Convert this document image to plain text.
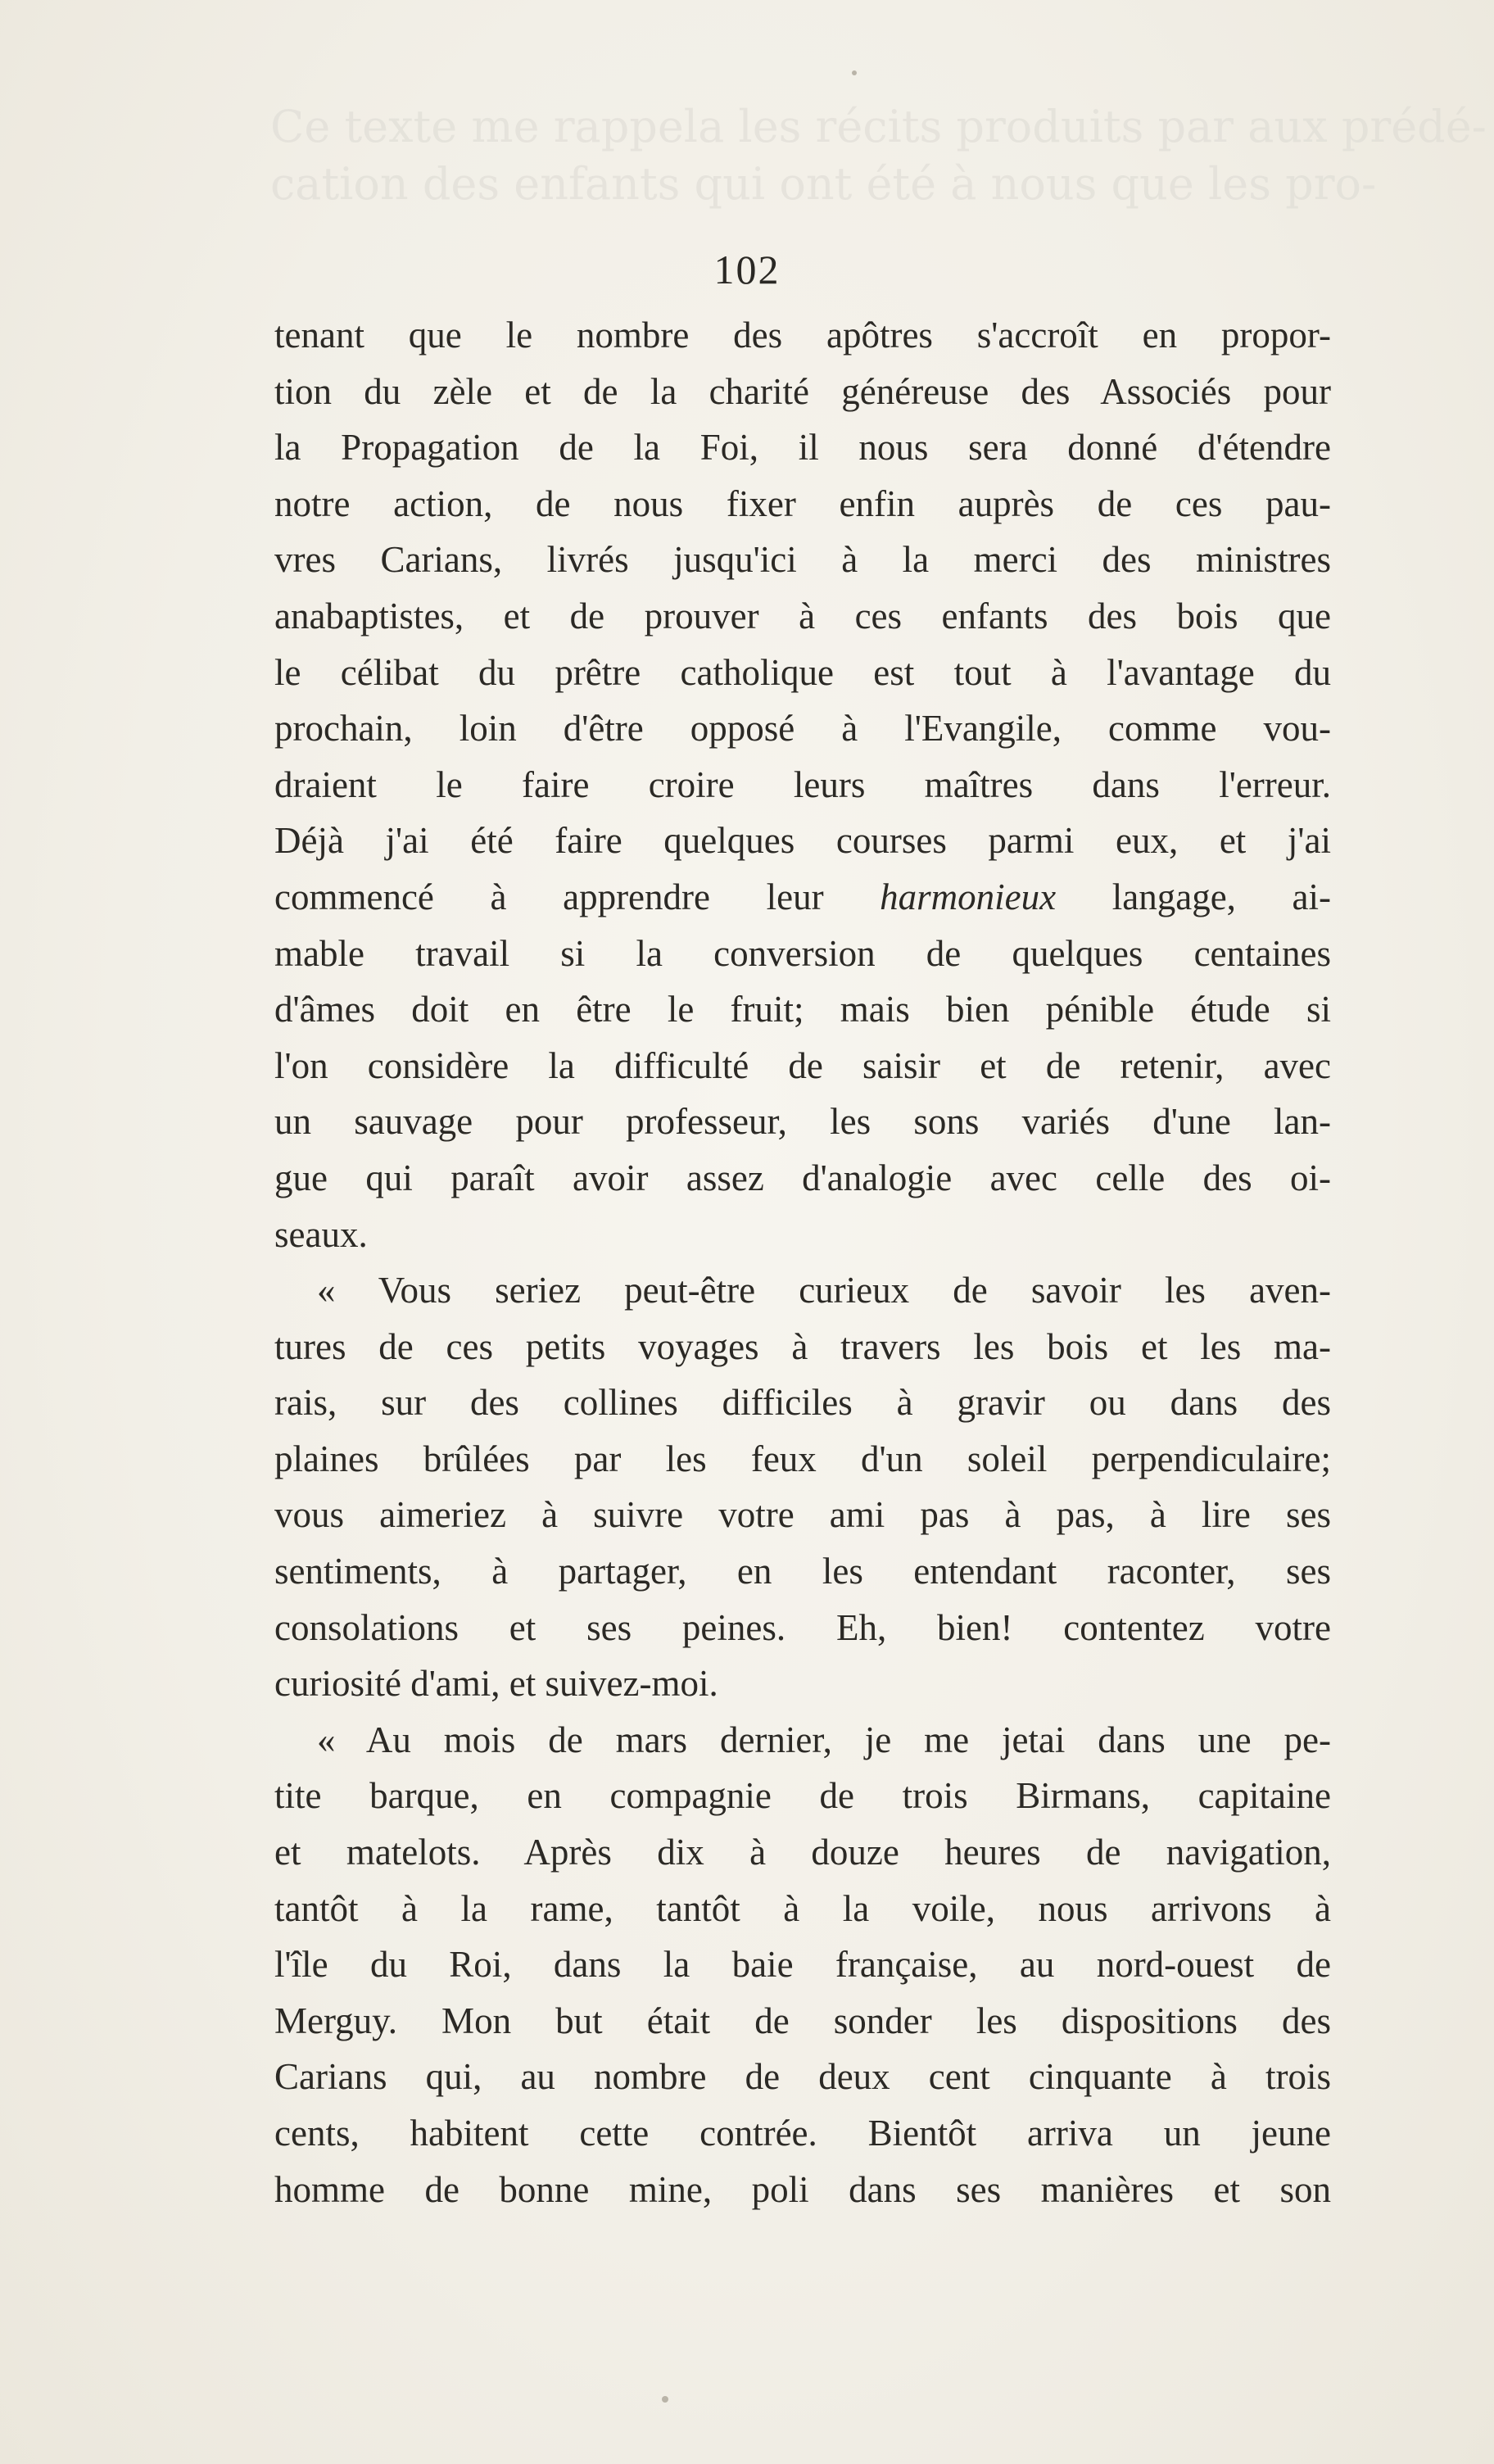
Ce texte me rappela les récits produits par aux prédé-
cation des enfants qui ont été à nous que les pro-
102
tenant que le nombre des apôtres s'accroît en propor-
tion du zèle et de la charité généreuse des Associés pour
la Propagation de la Foi, il nous sera donné d'étendre
notre action, de nous fixer enfin auprès de ces pau-
vres Carians, livrés jusqu'ici à la merci des ministres
anabaptistes, et de prouver à ces enfants des bois que
le célibat du prêtre catholique est tout à l'avantage du
prochain, loin d'être opposé à l'Evangile, comme vou-
draient le faire croire leurs maîtres dans l'erreur.
Déjà j'ai été faire quelques courses parmi eux, et j'ai
commencé à apprendre leur harmonieux langage, ai-
mable travail si la conversion de quelques centaines
d'âmes doit en être le fruit; mais bien pénible étude si
l'on considère la difficulté de saisir et de retenir, avec
un sauvage pour professeur, les sons variés d'une lan-
gue qui paraît avoir assez d'analogie avec celle des oi-
seaux.
« Vous seriez peut-être curieux de savoir les aven-
tures de ces petits voyages à travers les bois et les ma-
rais, sur des collines difficiles à gravir ou dans des
plaines brûlées par les feux d'un soleil perpendiculaire;
vous aimeriez à suivre votre ami pas à pas, à lire ses
sentiments, à partager, en les entendant raconter, ses
consolations et ses peines. Eh, bien! contentez votre
curiosité d'ami, et suivez-moi.
« Au mois de mars dernier, je me jetai dans une pe-
tite barque, en compagnie de trois Birmans, capitaine
et matelots. Après dix à douze heures de navigation,
tantôt à la rame, tantôt à la voile, nous arrivons à
l'île du Roi, dans la baie française, au nord-ouest de
Merguy. Mon but était de sonder les dispositions des
Carians qui, au nombre de deux cent cinquante à trois
cents, habitent cette contrée. Bientôt arriva un jeune
homme de bonne mine, poli dans ses manières et son
